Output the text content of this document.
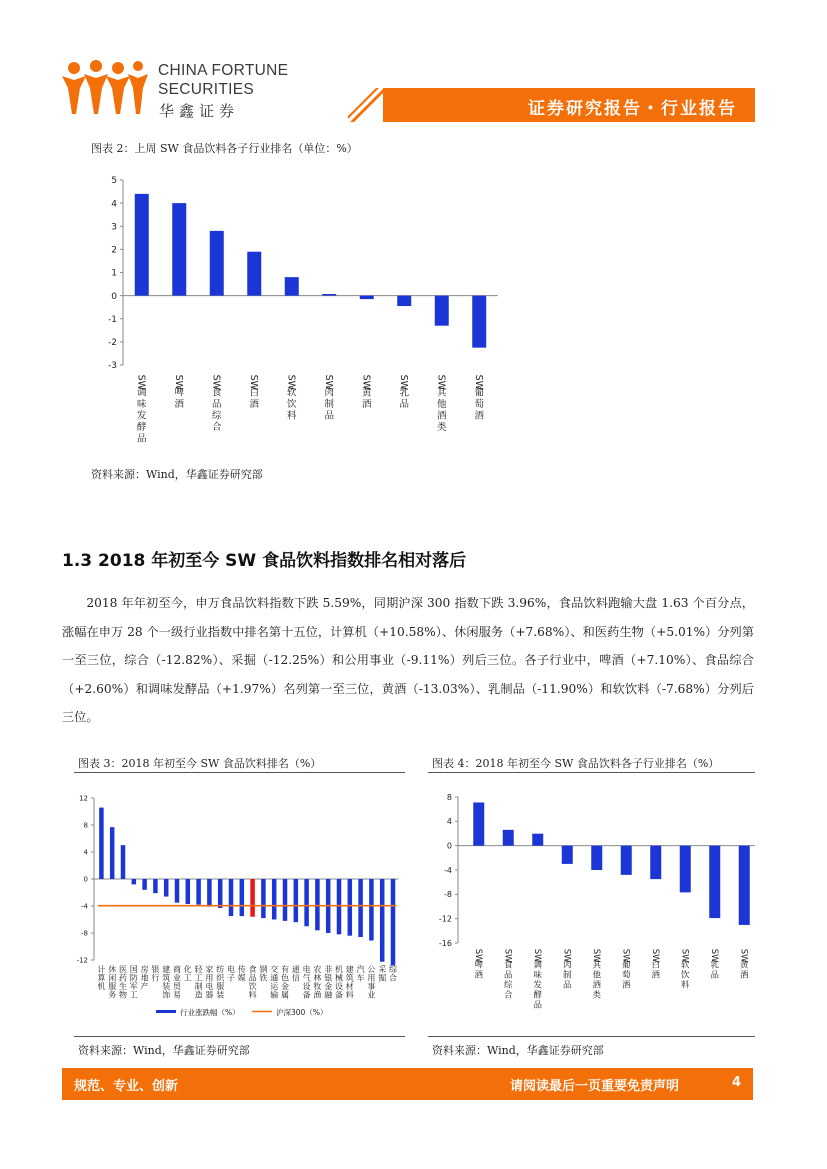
CHINA FORTUNE
SECURITIES
华鑫证券	证券研究报告・行业报告
图表 2：上周 SW 食品饮料各子行业排名（单位：%）
5
4
3
2
1
0
-1
-2
-3
SW
调
味
发
酵
品
SW
啤
酒
SW
食
品
综
合
SW
白
酒
SW
软
饮
料
SW
肉
制
品
SW
黄
酒
SW
乳
品
SW
其
他
酒
类
SW
葡
萄
酒
资料来源：Wind，华鑫证券研究部
1.3 2018 年初至今 SW 食品饮料指数排名相对落后
2018 年年初至今，申万食品饮料指数下跌 5.59%，同期沪深 300 指数下跌 3.96%，食品饮料跑输大盘 1.63 个百分点，涨幅在申万 28 个一级行业指数中排名第十五位，计算机（+10.58%）、休闲服务（+7.68%）、和医药生物（+5.01%）分列第一至三位，综合（-12.82%）、采掘（-12.25%）和公用事业（-9.11%）列后三位。各子行业中，啤酒（+7.10%）、食品综合（+2.60%）和调味发酵品（+1.97%）名列第一至三位，黄酒（-13.03%）、乳制品（-11.90%）和软饮料（-7.68%）分列后三位。
图表 3：2018 年初至今 SW 食品饮料排名（%）
12
8
4
0
-4
-8
-12
计
算
机
休
闲
服
务
医
药
生
物
国
防
军
工
房
地
产
银
行
建
筑
装
饰
商
业
贸
易
化
工
轻
工
制
造
家
用
电
器
纺
织
服
装
电
子
传
媒
食
品
饮
料
钢
铁
交
通
运
输
有
色
金
属
通
信
电
气
设
备
农
林
牧
渔
非
银
金
融
机
械
设
备
建
筑
材
料
汽
车
公
用
事
业
采
掘
综
合
行业涨跌幅（%）	沪深300（%）
资料来源：Wind，华鑫证券研究部
图表 4：2018 年初至今 SW 食品饮料各子行业排名（%）
8
4
0
-4
-8
-12
-16
SW
啤
酒
SW
食
品
综
合
SW
调
味
发
酵
品
SW
肉
制
品
SW
其
他
酒
类
SW
葡
萄
酒
SW
白
酒
SW
软
饮
料
SW
乳
品
SW
黄
酒
资料来源：Wind，华鑫证券研究部
规范、专业、创新	请阅读最后一页重要免责声明	4
